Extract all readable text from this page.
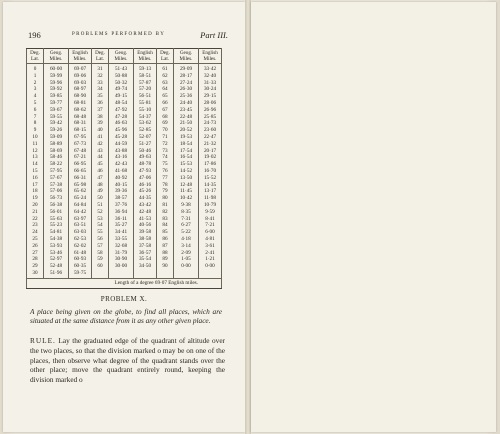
196	PROBLEMS PERFORMED BY	Part III.
Deg. Lat.	Geog. Miles.	English Miles.	Deg. Lat.	Geog. Miles.	English Miles.	Deg. Lat.	Geog. Miles.	English Miles.
0	60·00	69·07	31	51·43	59·13	61	29·09	33·42
1	59·99	69·06	32	50·88	58·51	62	28·17	32·40
2	59·96	69·03	33	50·32	57·87	63	27·24	31·33
3	59·92	68·97	34	49·74	57·20	64	26·30	30·24
4	59·85	68·90	35	49·15	56·51	65	25·36	29·15
5	59·77	68·81	36	48·54	55·81	66	24·40	28·06
6	59·67	68·62	37	47·92	55·10	67	23·45	26·96
7	59·55	68·48	38	47·28	54·37	68	22·48	25·85
8	59·42	68·31	39	46·63	53·62	69	21·50	24·73
9	59·26	68·15	40	45·96	52·85	70	20·52	23·60
10	59·09	67·95	41	45·28	52·07	71	19·53	22·47
11	58·89	67·73	42	44·59	51·27	72	18·54	21·32
12	58·69	67·48	43	43·88	50·46	73	17·54	20·17
13	58·46	67·21	44	43·16	49·63	74	16·54	19·02
14	58·22	66·95	45	42·43	48·78	75	15·53	17·86
15	57·95	66·65	46	41·68	47·93	76	14·52	16·70
16	57·67	66·31	47	40·92	47·06	77	13·50	15·52
17	57·38	65·98	48	40·15	46·16	78	12·48	14·35
18	57·06	65·62	49	39·36	45·26	79	11·45	13·17
19	56·73	65·24	50	38·57	44·35	80	10·42	11·98
20	56·38	64·84	51	37·76	43·42	81	9·38	10·79
21	56·01	64·42	52	36·94	42·48	82	8·35	9·59
22	55·63	63·97	53	36·11	41·53	83	7·31	8·41
23	55·23	63·51	54	35·27	40·56	84	6·27	7·21
24	54·81	63·03	55	34·41	39·58	85	5·22	6·00
25	54·38	62·53	56	33·55	38·58	86	4·18	4·81
26	53·93	62·02	57	32·68	37·58	87	3·14	3·61
27	53·46	61·48	58	31·79	36·57	88	2·09	2·41
28	52·97	60·93	59	30·90	35·54	89	1·05	1·21
29	52·48	60·35	60	30·00	34·50	90	0·00	0·00
30	51·96	59·75						
			Length of a degree 69·07 English miles.					
PROBLEM X.
A place being given on the globe, to find all places, which are situated at the same distance from it as any other given place.
RULE. Lay the graduated edge of the quadrant of altitude over the two places, so that the division marked o may be on one of the places, then observe what degree of the quadrant stands over the other place; move the quadrant entirely round, keeping the division marked o
